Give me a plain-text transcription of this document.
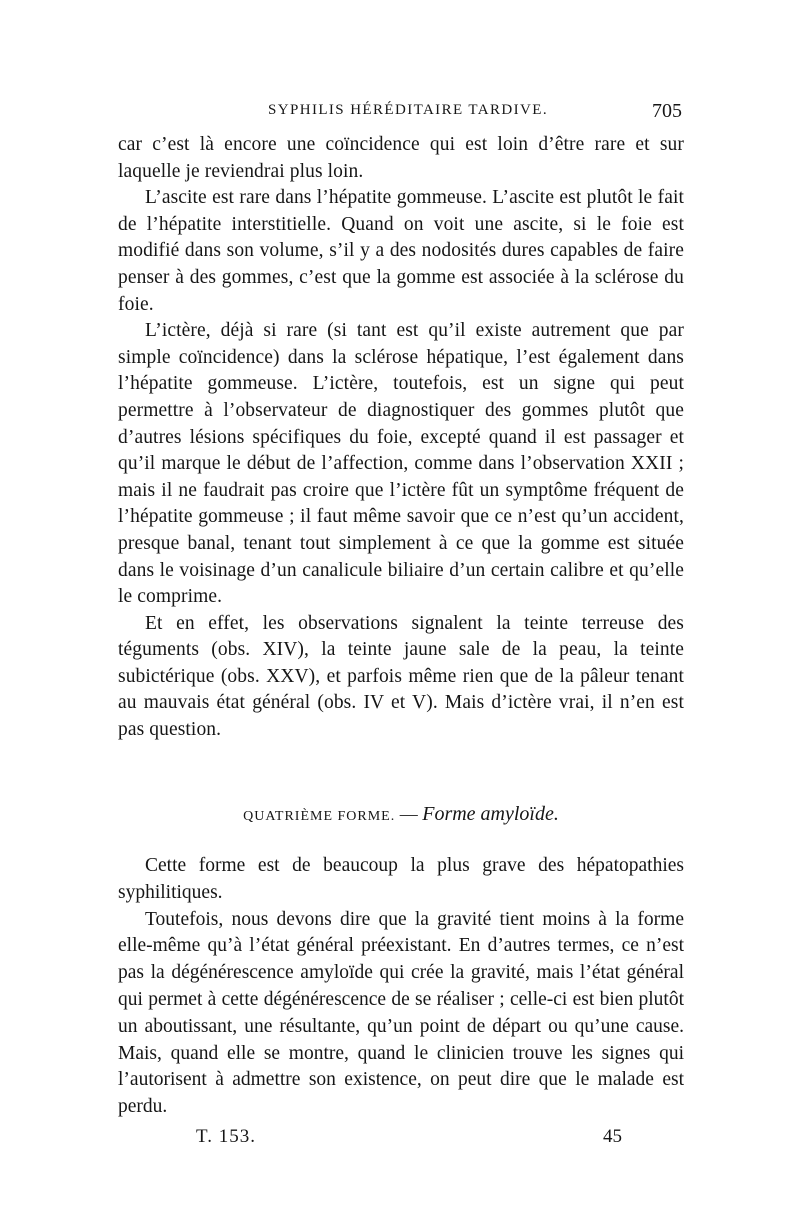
SYPHILIS HÉRÉDITAIRE TARDIVE.	705

car c’est là encore une coïncidence qui est loin d’être rare et sur laquelle je reviendrai plus loin.

L’ascite est rare dans l’hépatite gommeuse. L’ascite est plutôt le fait de l’hépatite interstitielle. Quand on voit une ascite, si le foie est modifié dans son volume, s’il y a des nodosités dures capables de faire penser à des gommes, c’est que la gomme est associée à la sclérose du foie.

L’ictère, déjà si rare (si tant est qu’il existe autrement que par simple coïncidence) dans la sclérose hépatique, l’est également dans l’hépatite gommeuse. L’ictère, toutefois, est un signe qui peut permettre à l’observateur de diagnostiquer des gommes plutôt que d’autres lésions spécifiques du foie, excepté quand il est passager et qu’il marque le début de l’affection, comme dans l’observation XXII ; mais il ne faudrait pas croire que l’ictère fût un symptôme fréquent de l’hépatite gommeuse ; il faut même savoir que ce n’est qu’un accident, presque banal, tenant tout simplement à ce que la gomme est située dans le voisinage d’un canalicule biliaire d’un certain calibre et qu’elle le comprime.

Et en effet, les observations signalent la teinte terreuse des téguments (obs. XIV), la teinte jaune sale de la peau, la teinte subictérique (obs. XXV), et parfois même rien que de la pâleur tenant au mauvais état général (obs. IV et V). Mais d’ictère vrai, il n’en est pas question.

QUATRIÈME FORME. — Forme amyloïde.

Cette forme est de beaucoup la plus grave des hépatopathies syphilitiques.

Toutefois, nous devons dire que la gravité tient moins à la forme elle-même qu’à l’état général préexistant. En d’autres termes, ce n’est pas la dégénérescence amyloïde qui crée la gravité, mais l’état général qui permet à cette dégénérescence de se réaliser ; celle-ci est bien plutôt un aboutissant, une résultante, qu’un point de départ ou qu’une cause. Mais, quand elle se montre, quand le clinicien trouve les signes qui l’autorisent à admettre son existence, on peut dire que le malade est perdu.

T. 153.	45
